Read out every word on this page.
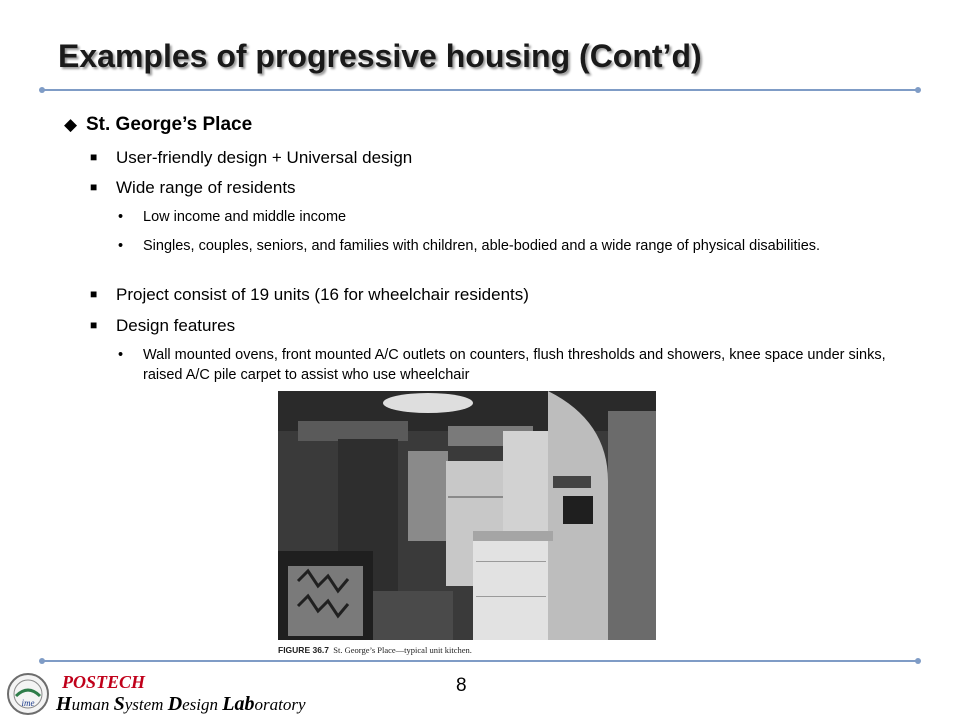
Examples of progressive housing (Cont’d)
◆ St. George’s Place
■ User-friendly design + Universal design
■ Wide range of residents
• Low income and middle income
• Singles, couples, seniors, and families with children, able-bodied and a wide range of physical disabilities.
■ Project consist of 19 units (16 for wheelchair residents)
■ Design features
• Wall mounted ovens, front mounted A/C outlets on counters, flush thresholds and showers, knee space under sinks, raised A/C pile carpet to assist who use wheelchair
FIGURE 36.7 St. George’s Place—typical unit kitchen.
ime
POSTECH
Human System Design Laboratory
8
